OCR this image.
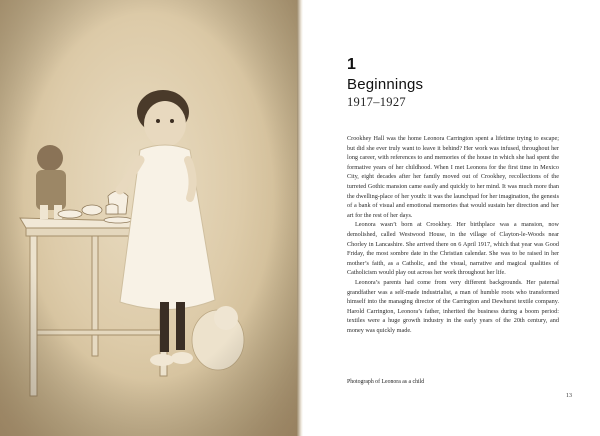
1
Beginnings
1917–1927

Crookhey Hall was the home Leonora Carrington spent a lifetime trying to escape; but did she ever truly want to leave it behind? Her work was infused, throughout her long career, with references to and memories of the house in which she had spent the formative years of her childhood. When I met Leonora for the first time in Mexico City, eight decades after her family moved out of Crookhey, recollections of the turreted Gothic mansion came easily and quickly to her mind. It was much more than the dwelling-place of her youth: it was the launchpad for her imagination, the genesis of a bank of visual and emotional memories that would sustain her direction and her art for the rest of her days.

Leonora wasn’t born at Crookhey. Her birthplace was a mansion, now demolished, called Westwood House, in the village of Clayton-le-Woods near Chorley in Lancashire. She arrived there on 6 April 1917, which that year was Good Friday, the most sombre date in the Christian calendar. She was to be raised in her mother’s faith, as a Catholic, and the visual, narrative and magical qualities of Catholicism would play out across her work throughout her life.

Leonora’s parents had come from very different backgrounds. Her paternal grandfather was a self-made industrialist, a man of humble roots who transformed himself into the managing director of the Carrington and Dewhurst textile company. Harold Carrington, Leonora’s father, inherited the business during a boom period: textiles were a huge growth industry in the early years of the 20th century, and money was quickly made.

Photograph of Leonora as a child
13
